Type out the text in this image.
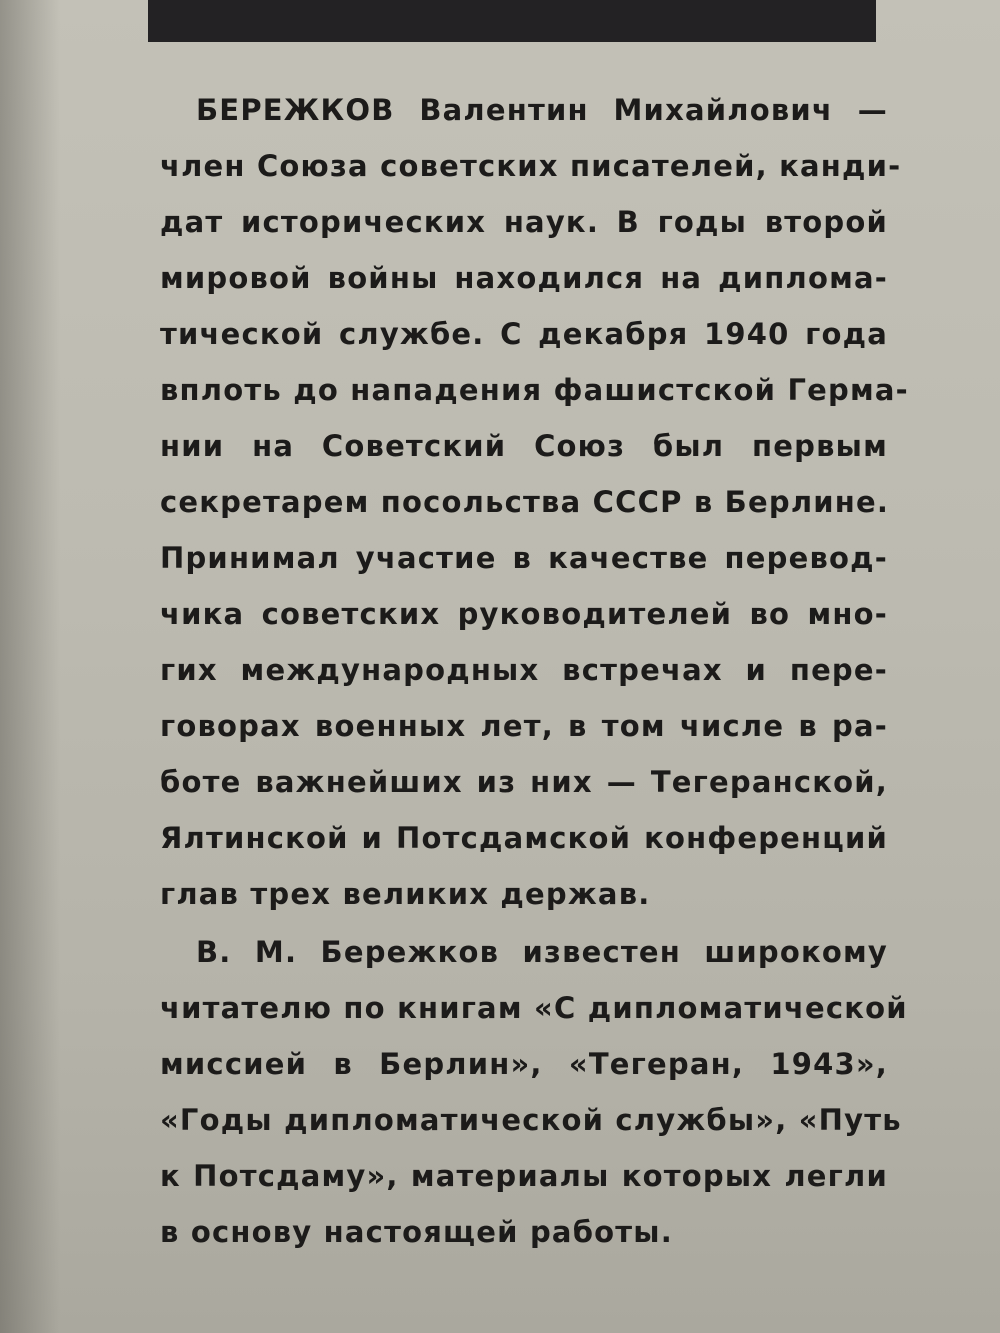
БЕРЕЖКОВ Валентин Михайлович —
член Союза советских писателей, канди-
дат исторических наук. В годы второй
мировой войны находился на диплома-
тической службе. С декабря 1940 года
вплоть до нападения фашистской Герма-
нии на Советский Союз был первым
секретарем посольства СССР в Берлине.
Принимал участие в качестве перевод-
чика советских руководителей во мно-
гих международных встречах и пере-
говорах военных лет, в том числе в ра-
боте важнейших из них — Тегеранской,
Ялтинской и Потсдамской конференций
глав трех великих держав.
В. М. Бережков известен широкому
читателю по книгам «С дипломатической
миссией в Берлин», «Тегеран, 1943»,
«Годы дипломатической службы», «Путь
к Потсдаму», материалы которых легли
в основу настоящей работы.
